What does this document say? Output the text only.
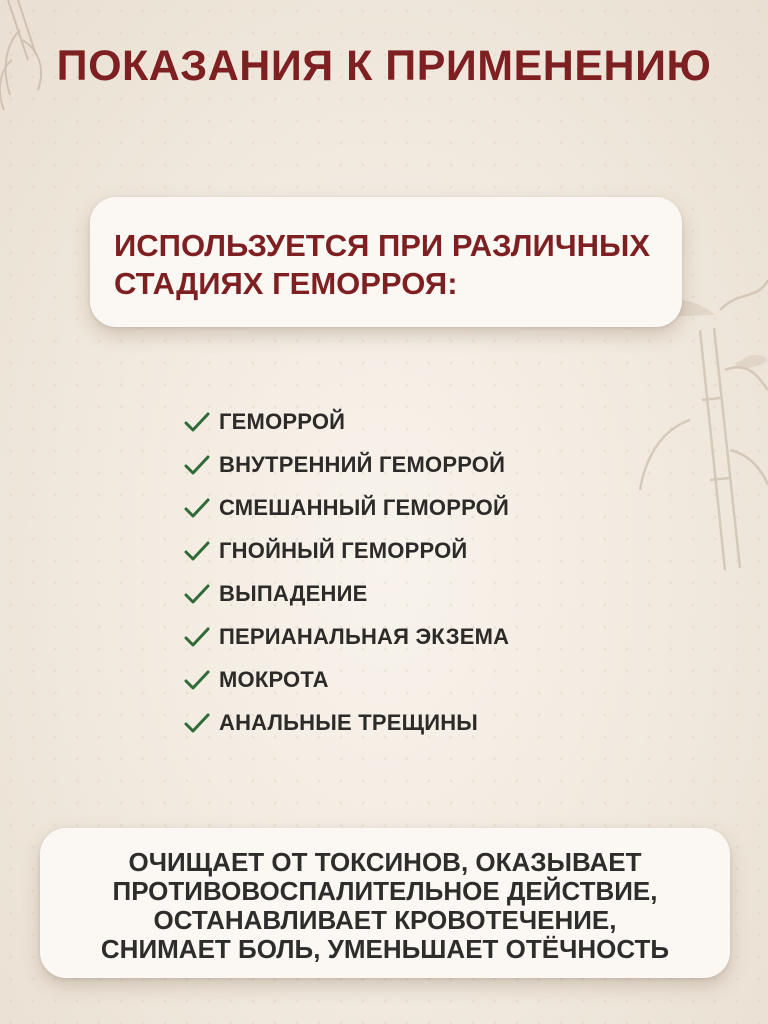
ПОКАЗАНИЯ К ПРИМЕНЕНИЮ
ИСПОЛЬЗУЕТСЯ ПРИ РАЗЛИЧНЫХ
СТАДИЯХ ГЕМОРРОЯ:
ГЕМОРРОЙ
ВНУТРЕННИЙ ГЕМОРРОЙ
СМЕШАННЫЙ ГЕМОРРОЙ
ГНОЙНЫЙ ГЕМОРРОЙ
ВЫПАДЕНИЕ
ПЕРИАНАЛЬНАЯ ЭКЗЕМА
МОКРОТА
АНАЛЬНЫЕ ТРЕЩИНЫ
ОЧИЩАЕТ ОТ ТОКСИНОВ, ОКАЗЫВАЕТ
ПРОТИВОВОСПАЛИТЕЛЬНОЕ ДЕЙСТВИЕ,
ОСТАНАВЛИВАЕТ КРОВОТЕЧЕНИЕ,
СНИМАЕТ БОЛЬ, УМЕНЬШАЕТ ОТЁЧНОСТЬ
